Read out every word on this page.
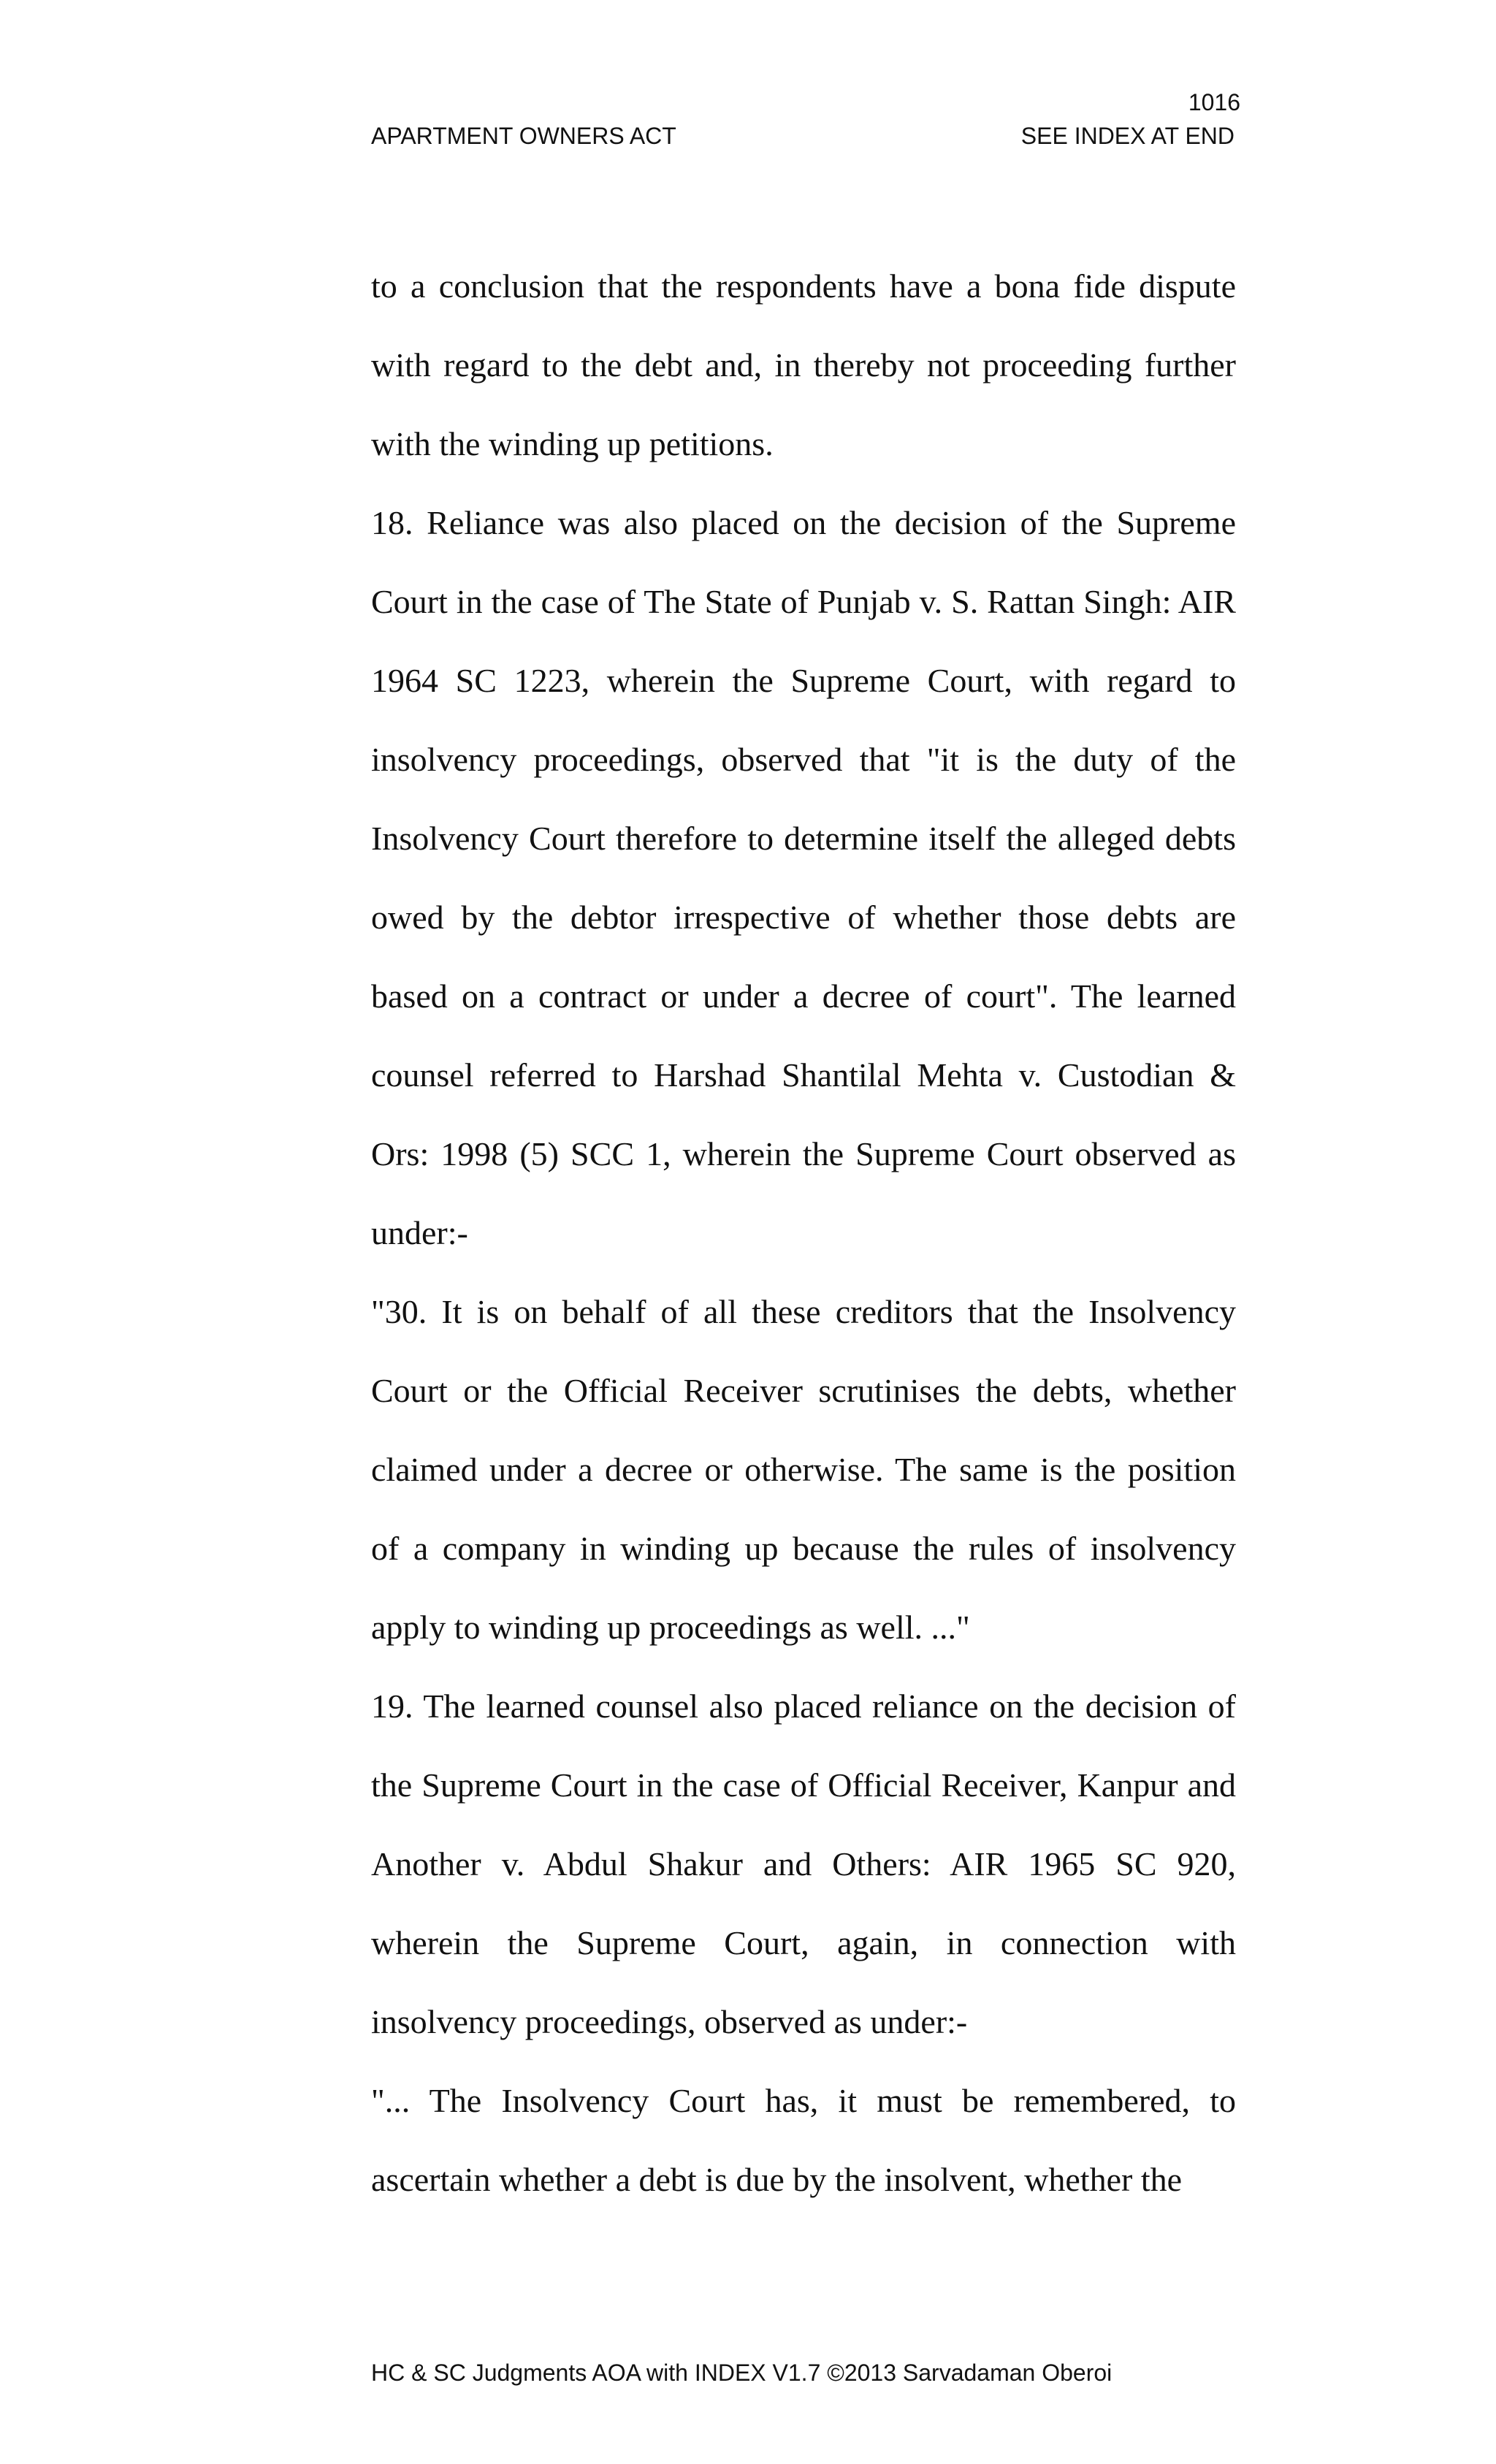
1016
APARTMENT OWNERS ACT	SEE INDEX AT END

to a conclusion that the respondents have a bona fide dispute with regard to the debt and, in thereby not proceeding further with the winding up petitions.

18. Reliance was also placed on the decision of the Supreme Court in the case of The State of Punjab v. S. Rattan Singh: AIR 1964 SC 1223, wherein the Supreme Court, with regard to insolvency proceedings, observed that "it is the duty of the Insolvency Court therefore to determine itself the alleged debts owed by the debtor irrespective of whether those debts are based on a contract or under a decree of court". The learned counsel referred to Harshad Shantilal Mehta v. Custodian & Ors: 1998 (5) SCC 1, wherein the Supreme Court observed as under:-

"30. It is on behalf of all these creditors that the Insolvency Court or the Official Receiver scrutinises the debts, whether claimed under a decree or otherwise. The same is the position of a company in winding up because the rules of insolvency apply to winding up proceedings as well. ..."

19. The learned counsel also placed reliance on the decision of the Supreme Court in the case of Official Receiver, Kanpur and Another v. Abdul Shakur and Others: AIR 1965 SC 920, wherein the Supreme Court, again, in connection with insolvency proceedings, observed as under:-

"... The Insolvency Court has, it must be remembered, to ascertain whether a debt is due by the insolvent, whether the

HC & SC Judgments AOA with INDEX V1.7 ©2013 Sarvadaman Oberoi
